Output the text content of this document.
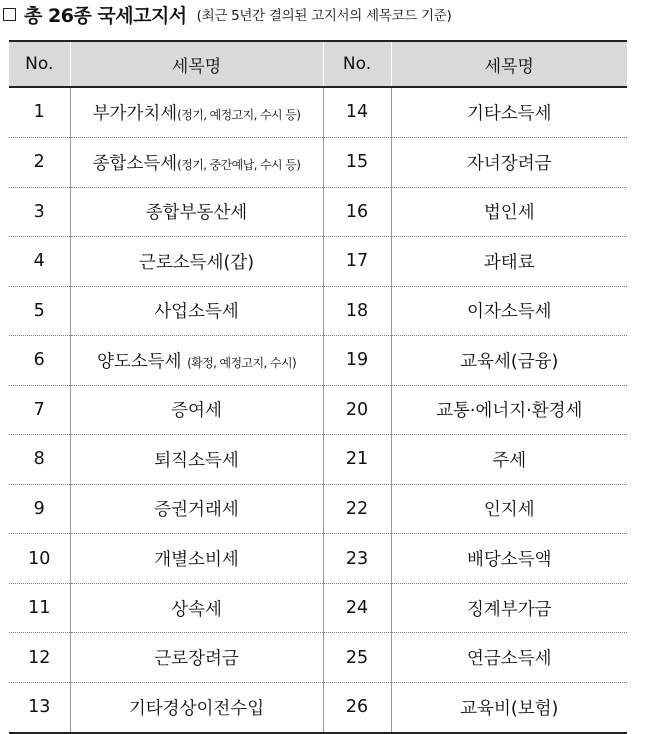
총 26종 국세고지서 (최근 5년간 결의된 고지서의 세목코드 기준)
No.	세목명	No.	세목명
1	부가가치세(정기, 예정고지, 수시 등)	14	기타소득세
2	종합소득세(정기, 중간예납, 수시 등)	15	자녀장려금
3	종합부동산세	16	법인세
4	근로소득세(갑)	17	과태료
5	사업소득세	18	이자소득세
6	양도소득세 (확정, 예정고지, 수시)	19	교육세(금융)
7	증여세	20	교통·에너지·환경세
8	퇴직소득세	21	주세
9	증권거래세	22	인지세
10	개별소비세	23	배당소득액
11	상속세	24	징계부가금
12	근로장려금	25	연금소득세
13	기타경상이전수입	26	교육비(보험)
